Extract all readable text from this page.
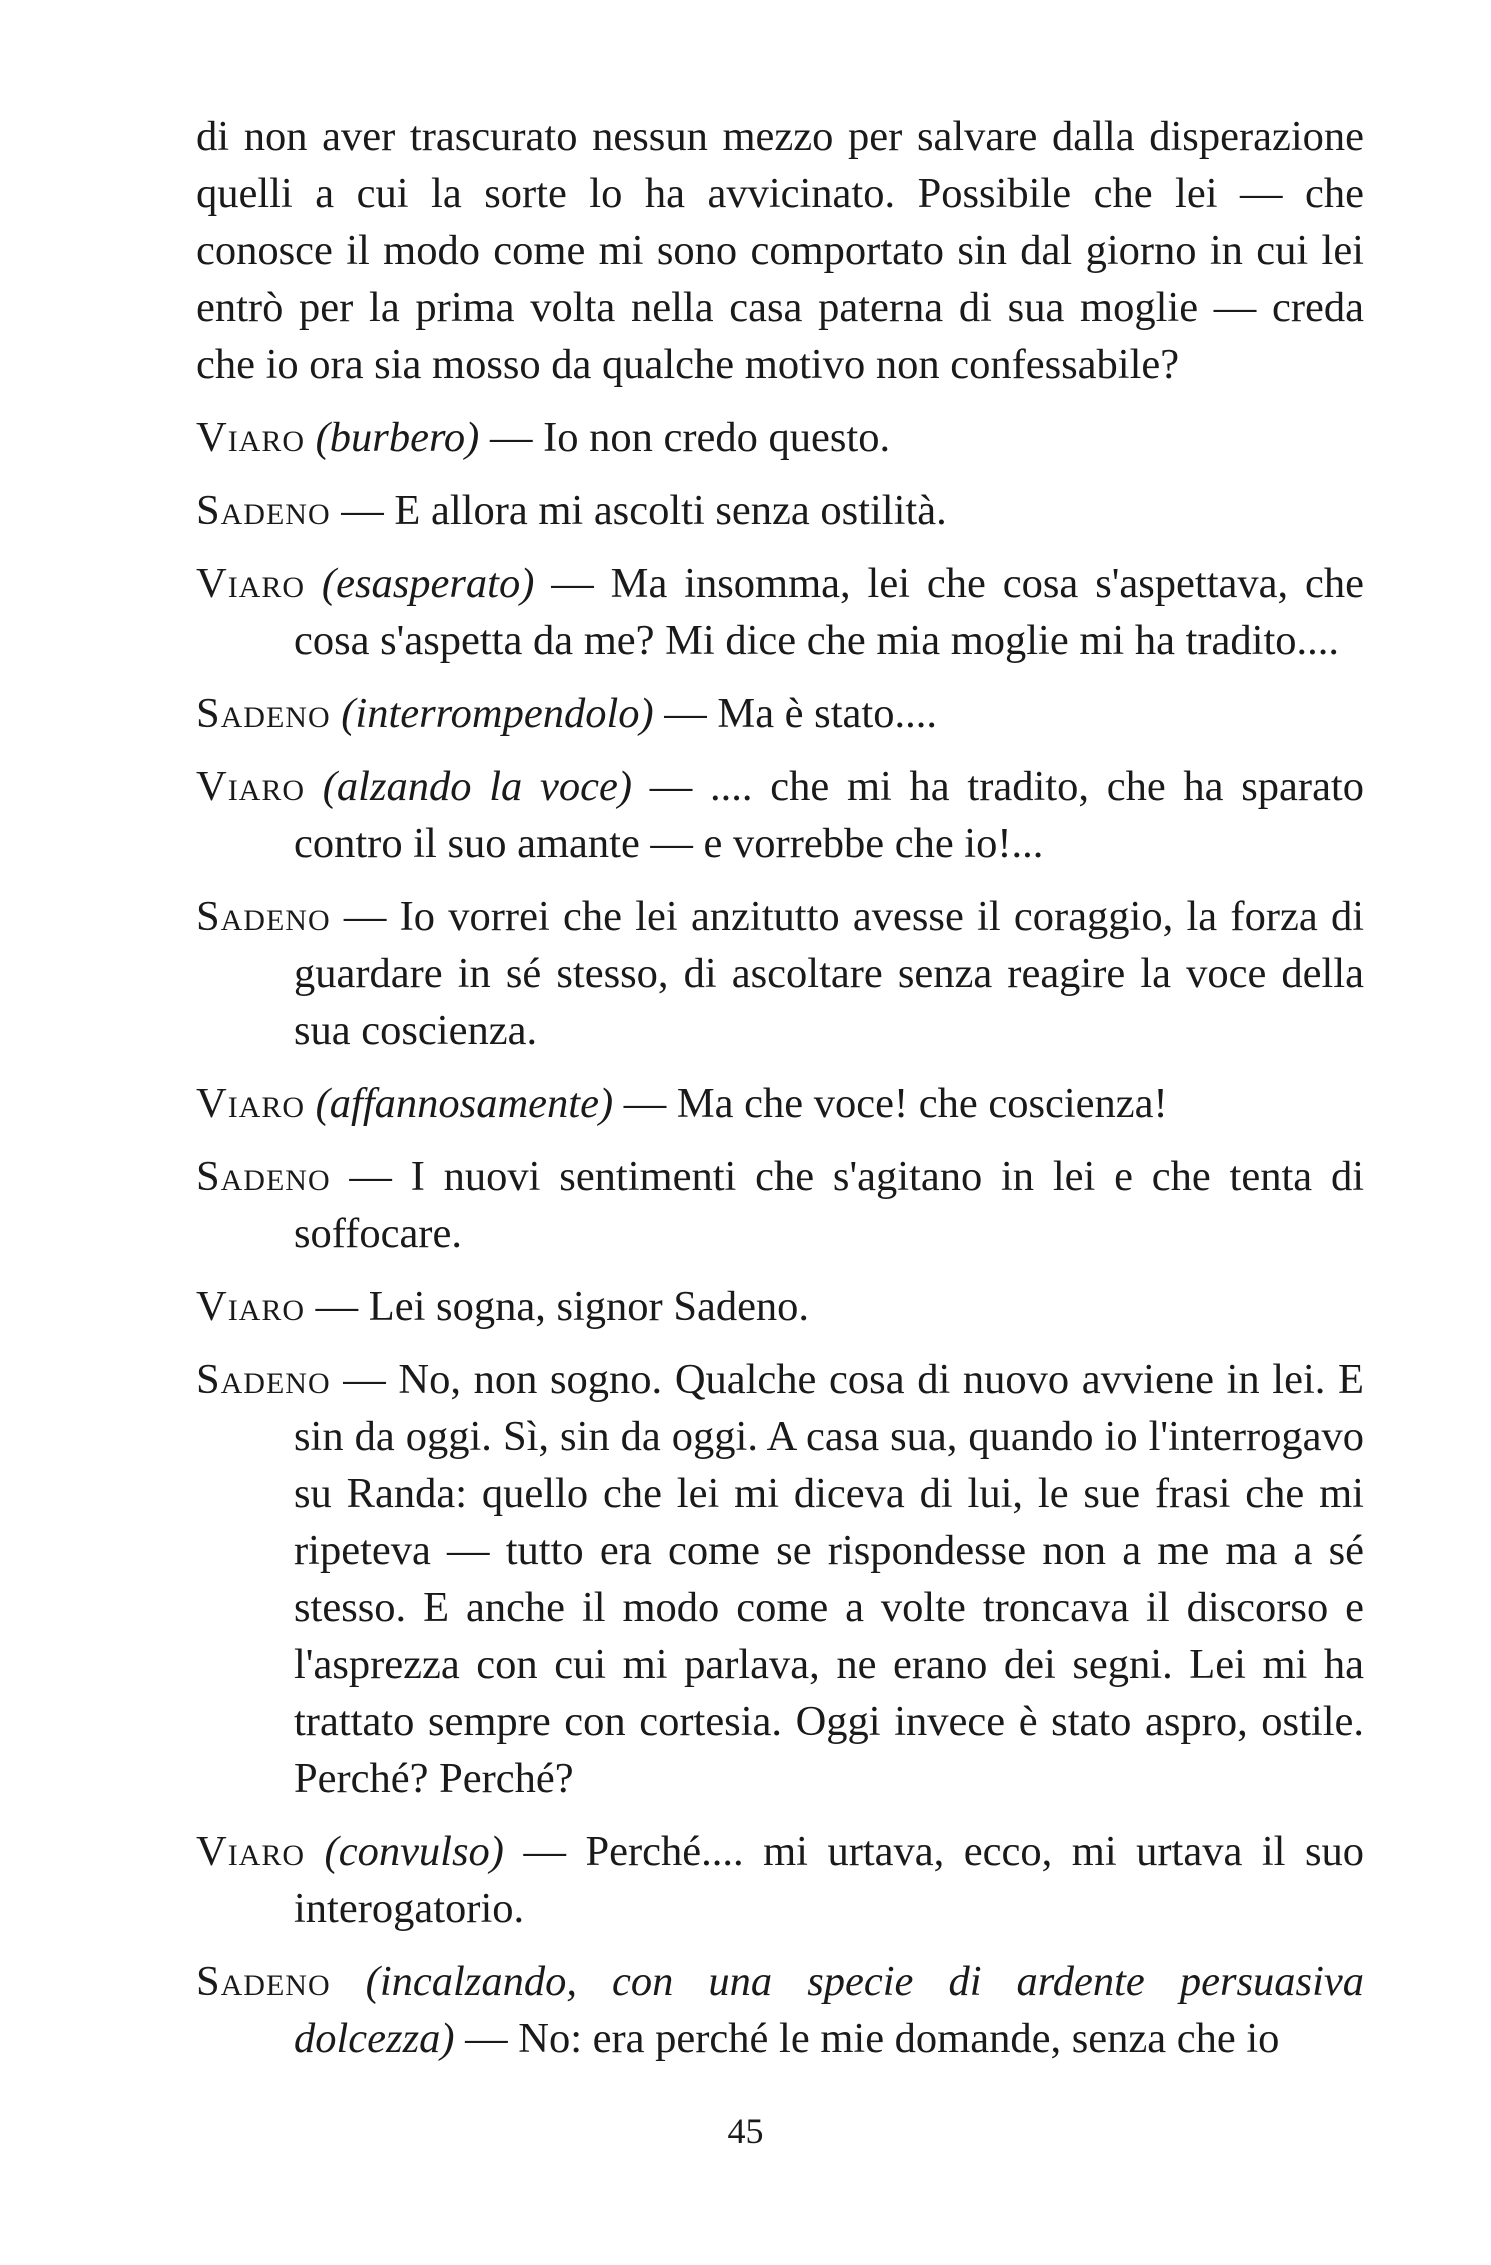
di non aver trascurato nessun mezzo per salvare dalla disperazione quelli a cui la sorte lo ha avvicinato. Possibile che lei — che conosce il modo come mi sono comportato sin dal giorno in cui lei entrò per la prima volta nella casa paterna di sua moglie — creda che io ora sia mosso da qualche motivo non confessabile?

Viaro (burbero) — Io non credo questo.

Sadeno — E allora mi ascolti senza ostilità.

Viaro (esasperato) — Ma insomma, lei che cosa s'aspettava, che cosa s'aspetta da me? Mi dice che mia moglie mi ha tradito....

Sadeno (interrompendolo) — Ma è stato....

Viaro (alzando la voce) — .... che mi ha tradito, che ha sparato contro il suo amante — e vorrebbe che io!...

Sadeno — Io vorrei che lei anzitutto avesse il coraggio, la forza di guardare in sé stesso, di ascoltare senza reagire la voce della sua coscienza.

Viaro (affannosamente) — Ma che voce! che coscienza!

Sadeno — I nuovi sentimenti che s'agitano in lei e che tenta di soffocare.

Viaro — Lei sogna, signor Sadeno.

Sadeno — No, non sogno. Qualche cosa di nuovo avviene in lei. E sin da oggi. Sì, sin da oggi. A casa sua, quando io l'interrogavo su Randa: quello che lei mi diceva di lui, le sue frasi che mi ripeteva — tutto era come se rispondesse non a me ma a sé stesso. E anche il modo come a volte troncava il discorso e l'asprezza con cui mi parlava, ne erano dei segni. Lei mi ha trattato sempre con cortesia. Oggi invece è stato aspro, ostile. Perché? Perché?

Viaro (convulso) — Perché.... mi urtava, ecco, mi urtava il suo interogatorio.

Sadeno (incalzando, con una specie di ardente persuasiva dolcezza) — No: era perché le mie domande, senza che io

45
